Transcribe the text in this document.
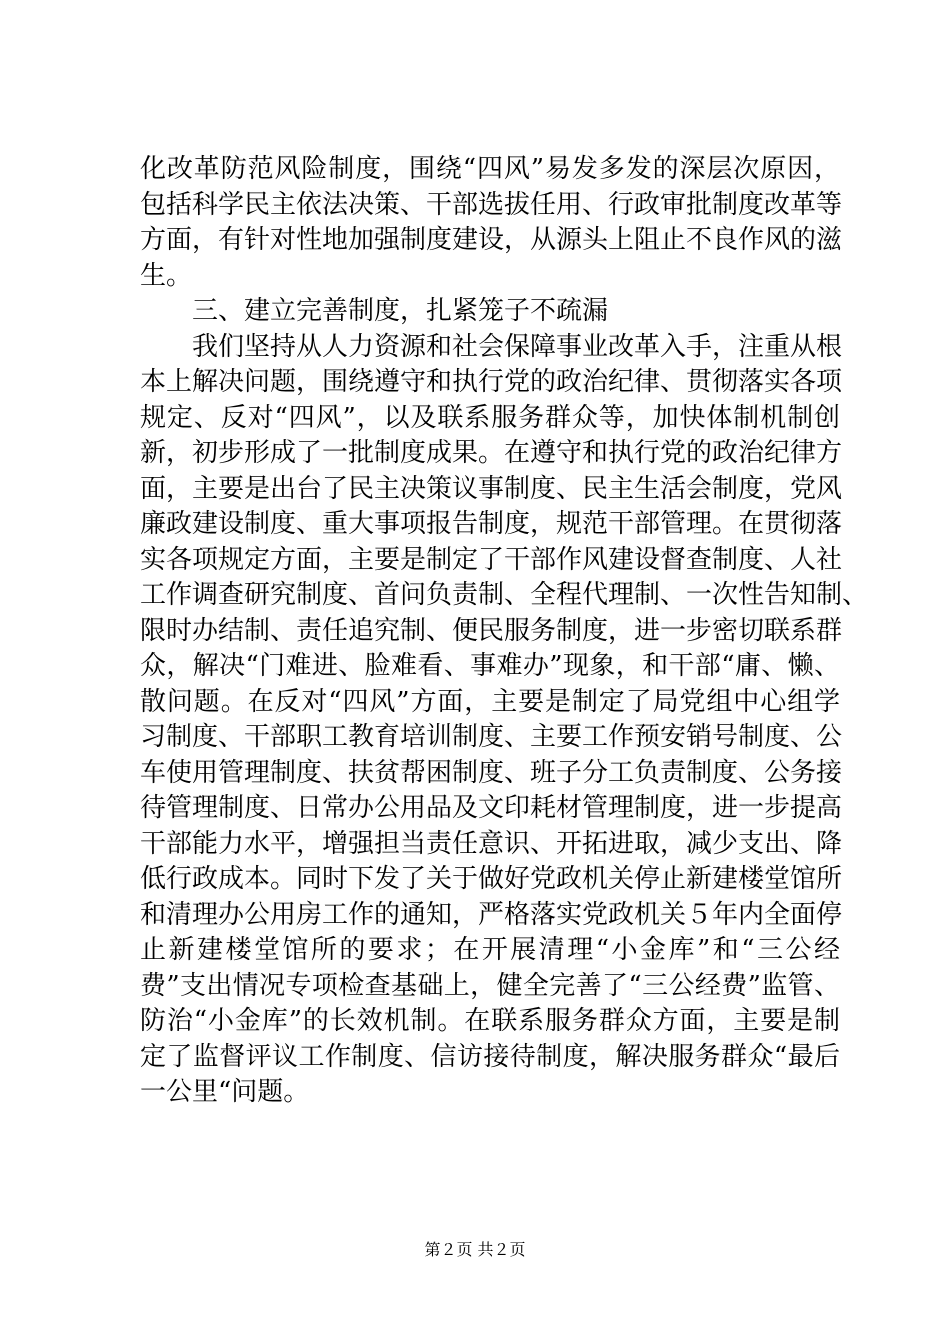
化改革防范风险制度，围绕“四风”易发多发的深层次原因，
包括科学民主依法决策、干部选拔任用、行政审批制度改革等
方面，有针对性地加强制度建设，从源头上阻止不良作风的滋
生。
　　三、建立完善制度，扎紧笼子不疏漏
　　我们坚持从人力资源和社会保障事业改革入手，注重从根
本上解决问题，围绕遵守和执行党的政治纪律、贯彻落实各项
规定、反对“四风”，以及联系服务群众等，加快体制机制创
新，初步形成了一批制度成果。在遵守和执行党的政治纪律方
面，主要是出台了民主决策议事制度、民主生活会制度，党风
廉政建设制度、重大事项报告制度，规范干部管理。在贯彻落
实各项规定方面，主要是制定了干部作风建设督查制度、人社
工作调查研究制度、首问负责制、全程代理制、一次性告知制、
限时办结制、责任追究制、便民服务制度，进一步密切联系群
众，解决“门难进、脸难看、事难办”现象，和干部“庸、懒、
散问题。在反对“四风”方面，主要是制定了局党组中心组学
习制度、干部职工教育培训制度、主要工作预安销号制度、公
车使用管理制度、扶贫帮困制度、班子分工负责制度、公务接
待管理制度、日常办公用品及文印耗材管理制度，进一步提高
干部能力水平，增强担当责任意识、开拓进取，减少支出、降
低行政成本。同时下发了关于做好党政机关停止新建楼堂馆所
和清理办公用房工作的通知，严格落实党政机关５年内全面停
止新建楼堂馆所的要求；在开展清理“小金库”和“三公经
费”支出情况专项检查基础上，健全完善了“三公经费”监管、
防治“小金库”的长效机制。在联系服务群众方面，主要是制
定了监督评议工作制度、信访接待制度，解决服务群众“最后
一公里“问题。
第２页 共２页
